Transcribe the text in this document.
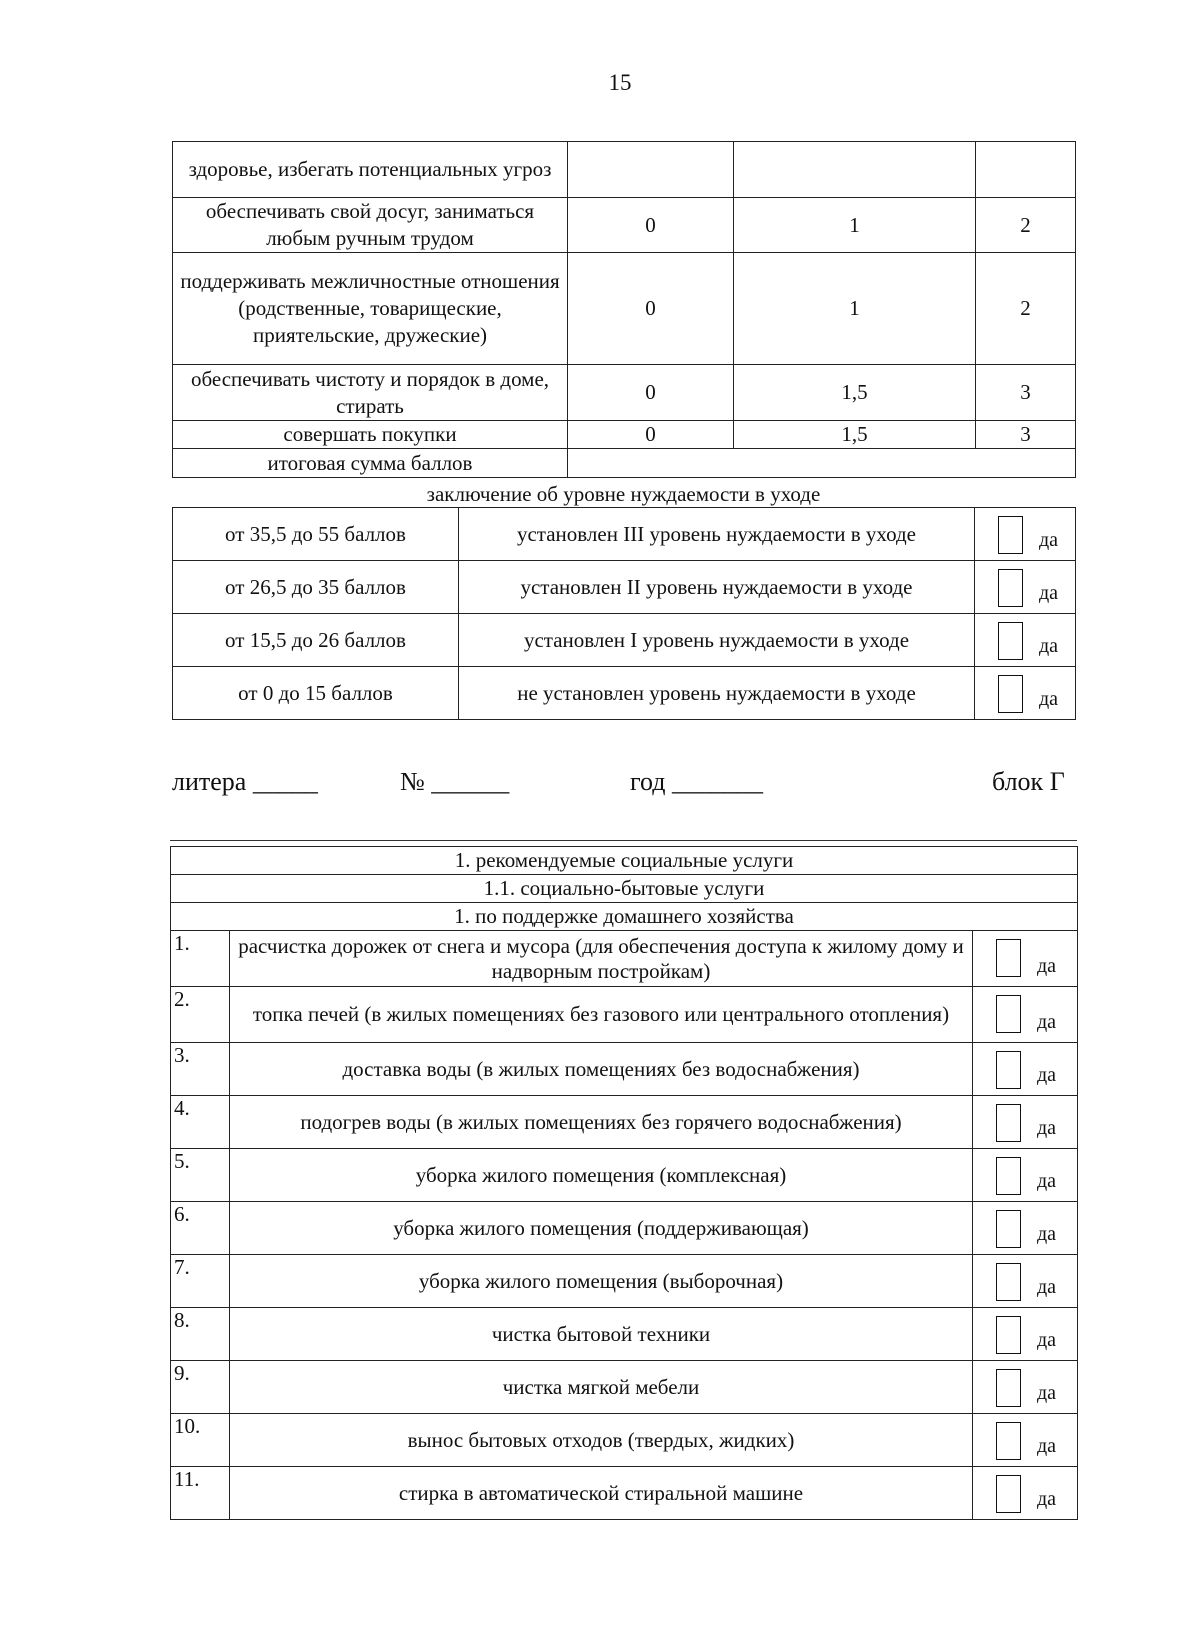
15
здоровье, избегать потенциальных угроз			
обеспечивать свой досуг, заниматься любым ручным трудом	0	1	2
поддерживать межличностные отношения (родственные, товарищеские, приятельские, дружеские)	0	1	2
обеспечивать чистоту и порядок в доме, стирать	0	1,5	3
совершать покупки	0	1,5	3
итоговая сумма баллов			
заключение об уровне нуждаемости в уходе
от 35,5 до 55 баллов	установлен III уровень нуждаемости в уходе	да

от 26,5 до 35 баллов	установлен II уровень нуждаемости в уходе	да

от 15,5 до 26 баллов	установлен I уровень нуждаемости в уходе	да

от 0 до 15 баллов	не установлен уровень нуждаемости в уходе	да
литера _____	№ ______	год _______	блок Г
1. рекомендуемые социальные услуги		
1.1. социально-бытовые услуги		
1. по поддержке домашнего хозяйства		
1.	расчистка дорожек от снега и мусора (для обеспечения доступа к жилому дому и надворным постройкам)	да

2.	топка печей (в жилых помещениях без газового или центрального отопления)	да

3.	доставка воды (в жилых помещениях без водоснабжения)	да

4.	подогрев воды (в жилых помещениях без горячего водоснабжения)	да

5.	уборка жилого помещения (комплексная)	да

6.	уборка жилого помещения (поддерживающая)	да

7.	уборка жилого помещения (выборочная)	да

8.	чистка бытовой техники	да

9.	чистка мягкой мебели	да

10.	вынос бытовых отходов (твердых, жидких)	да

11.	стирка в автоматической стиральной машине	да
